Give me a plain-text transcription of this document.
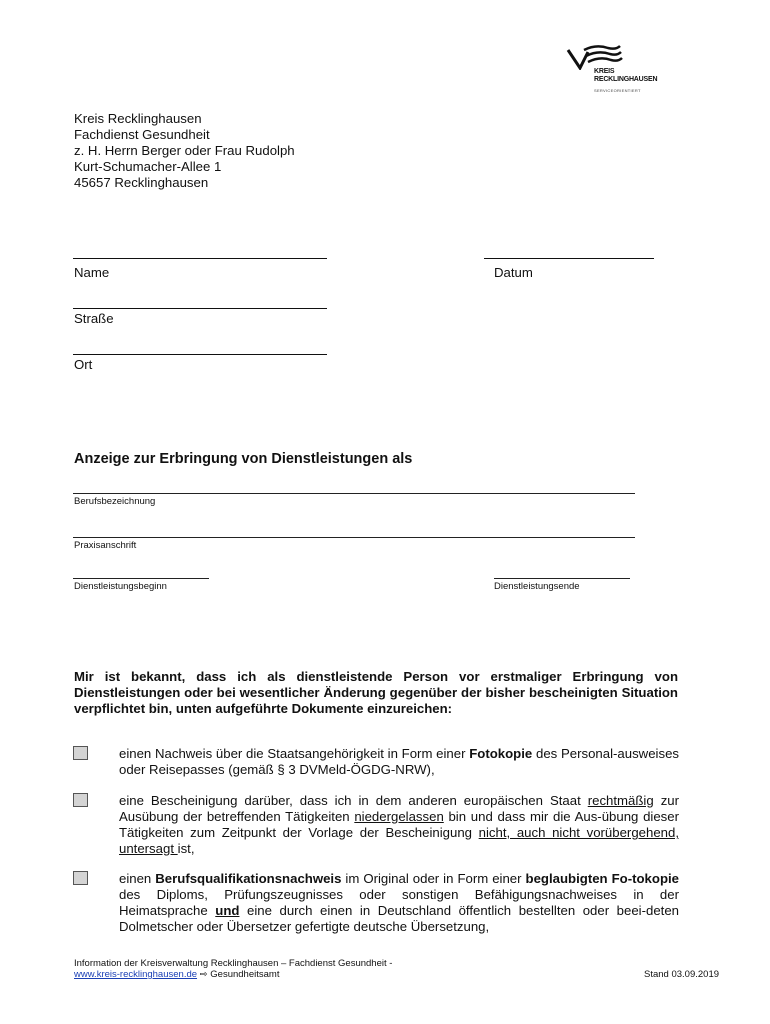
KREIS
RECKLINGHAUSEN
SERVICEORIENTIERT
Kreis Recklinghausen
Fachdienst Gesundheit
z. H. Herrn Berger oder Frau Rudolph
Kurt-Schumacher-Allee 1
45657 Recklinghausen
Name	Datum
Straße
Ort
Anzeige zur Erbringung von Dienstleistungen als
Berufsbezeichnung
Praxisanschrift
Dienstleistungsbeginn	Dienstleistungsende
Mir ist bekannt, dass ich als dienstleistende Person vor erstmaliger Erbringung von Dienstleistungen oder bei wesentlicher Änderung gegenüber der bisher bescheinigten Situation verpflichtet bin, unten aufgeführte Dokumente einzureichen:
einen Nachweis über die Staatsangehörigkeit in Form einer Fotokopie des Personal-ausweises oder Reisepasses (gemäß § 3 DVMeld-ÖGDG-NRW),
eine Bescheinigung darüber, dass ich in dem anderen europäischen Staat rechtmäßig zur Ausübung der betreffenden Tätigkeiten niedergelassen bin und dass mir die Aus-übung dieser Tätigkeiten zum Zeitpunkt der Vorlage der Bescheinigung nicht, auch nicht vorübergehend, untersagt ist,
einen Berufsqualifikationsnachweis im Original oder in Form einer beglaubigten Fo-tokopie des Diploms, Prüfungszeugnisses oder sonstigen Befähigungsnachweises in der Heimatsprache und eine durch einen in Deutschland öffentlich bestellten oder beei-deten Dolmetscher oder Übersetzer gefertigte deutsche Übersetzung,
Information der Kreisverwaltung Recklinghausen – Fachdienst Gesundheit -
www.kreis-recklinghausen.de ⇨ Gesundheitsamt	Stand 03.09.2019
